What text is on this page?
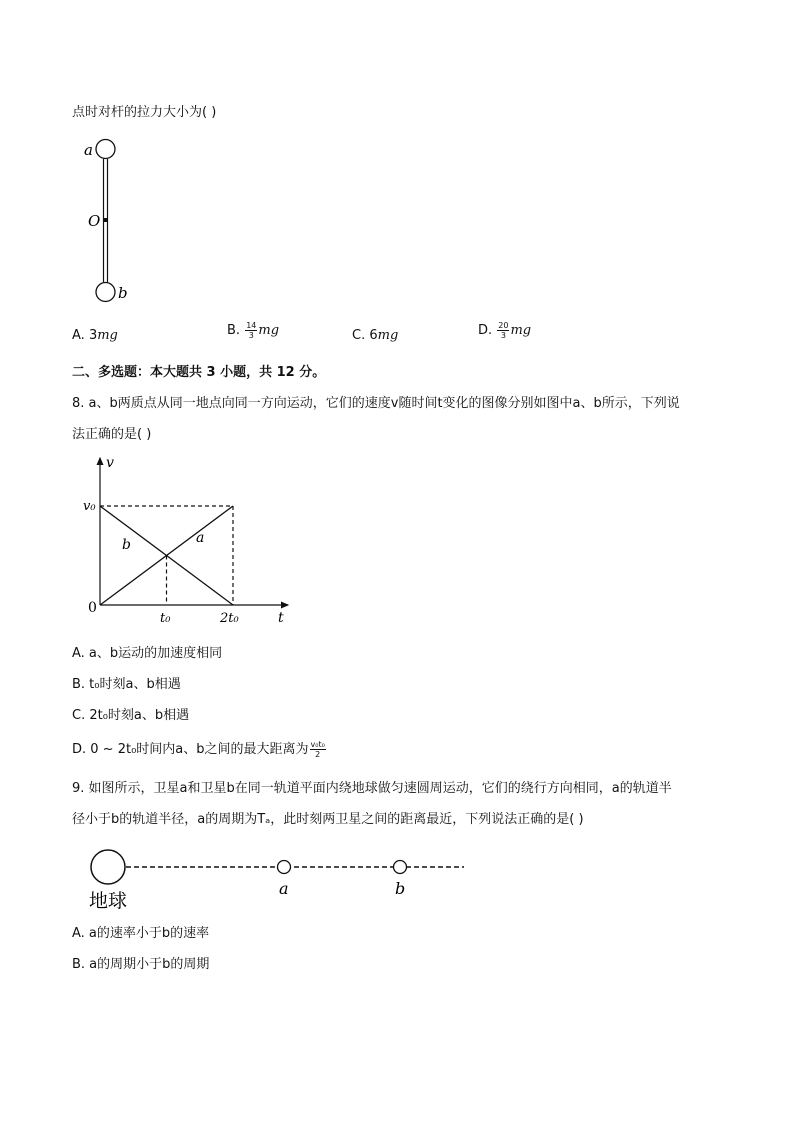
点时对杆的拉力大小为( )
a
O
b
A. 3mg	B. $\frac{14}{3}$ mg	C. 6mg	D. $\frac{20}{3}$ mg
二、多选题：本大题共 3 小题，共 12 分。
8. a、b两质点从同一地点向同一方向运动，它们的速度v随时间t变化的图像分别如图中a、b所示，下列说
法正确的是( )
v
t
v₀
0
t₀	2t₀
a
b
A. a、b运动的加速度相同
B. t₀时刻a、b相遇
C. 2t₀时刻a、b相遇
D. 0 ~ 2t₀时间内a、b之间的最大距离为 $\frac{\text{v₀t₀}}{2}$
9. 如图所示，卫星a和卫星b在同一轨道平面内绕地球做匀速圆周运动，它们的绕行方向相同，a的轨道半
径小于b的轨道半径，a的周期为Tₐ，此时刻两卫星之间的距离最近，下列说法正确的是( )
地球
a	b
A. a的速率小于b的速率
B. a的周期小于b的周期
